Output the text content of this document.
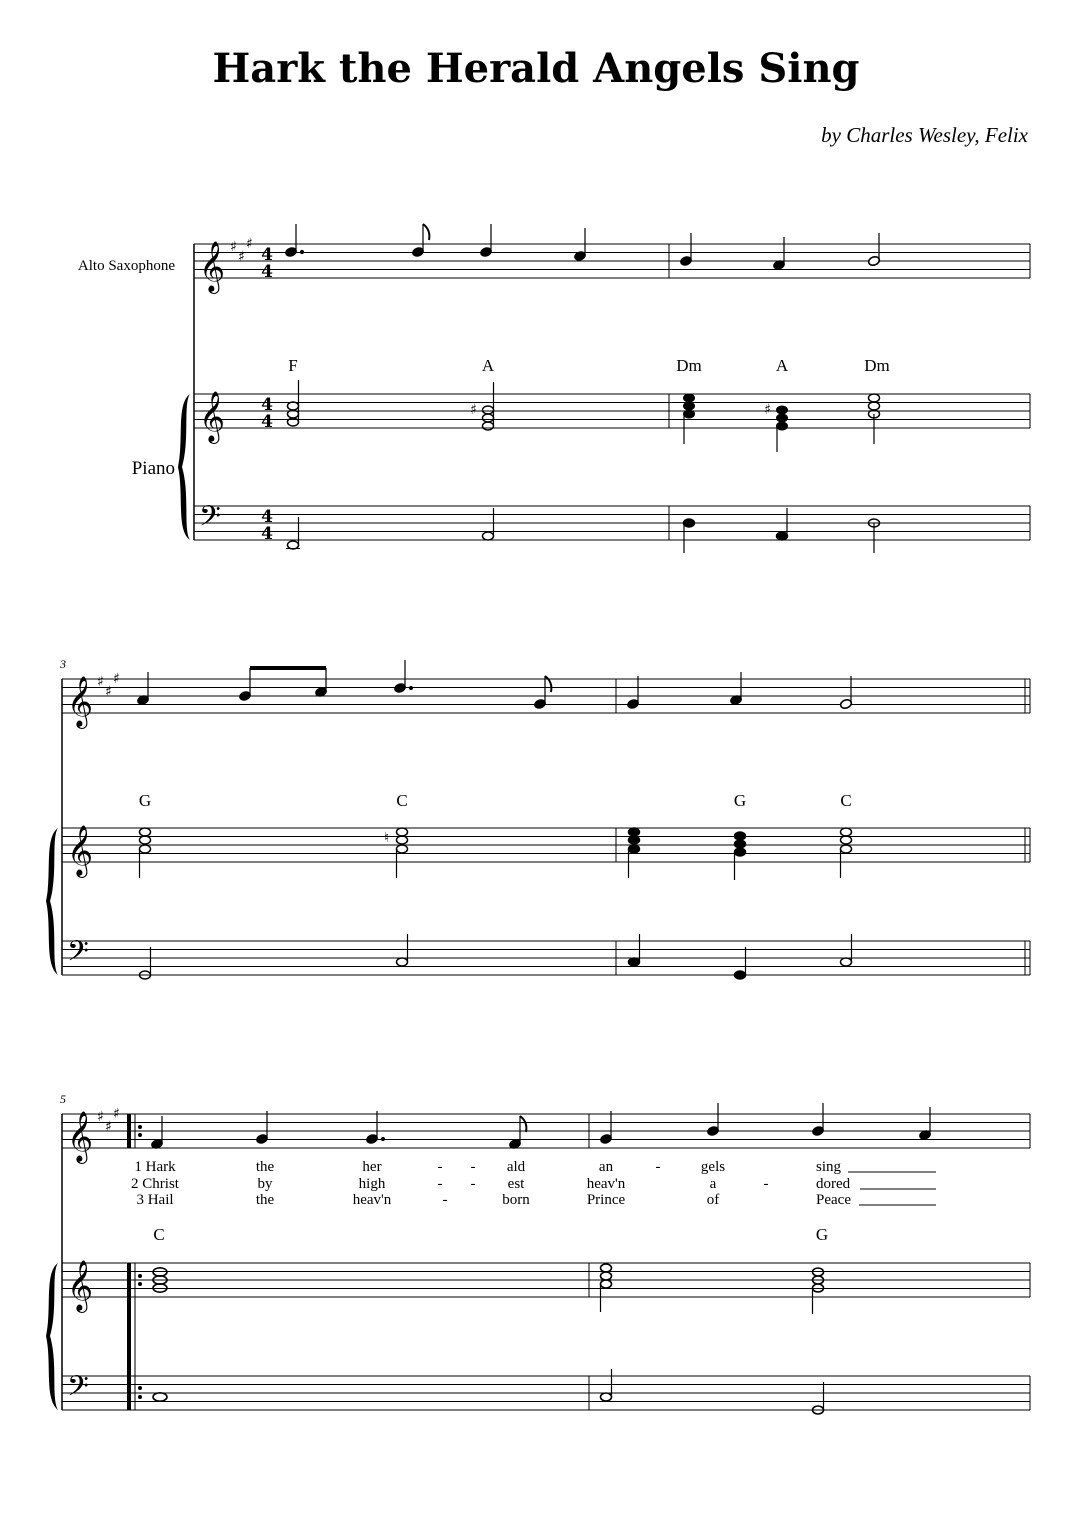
Hark the Herald Angels Sing
by Charles Wesley, Felix
Alto Saxophone
Piano
𝄞 ♯
♯
♯
4
4
F	A	Dm	A	Dm
𝄞 4
4
♯	♯
𝄢 4
4
3
𝄞 ♯
♯
♯
G	C	G	C
𝄞	♮
𝄢
5
𝄞 ♯
♯
♯
1 Hark	the	her	- - ald	an	-	gels	sing
2 Christ	by	high	- - est	heav'n	a	-	dored
3 Hail	the	heav'n	-	born	Prince	of	Peace
C	G
𝄞
𝄢
